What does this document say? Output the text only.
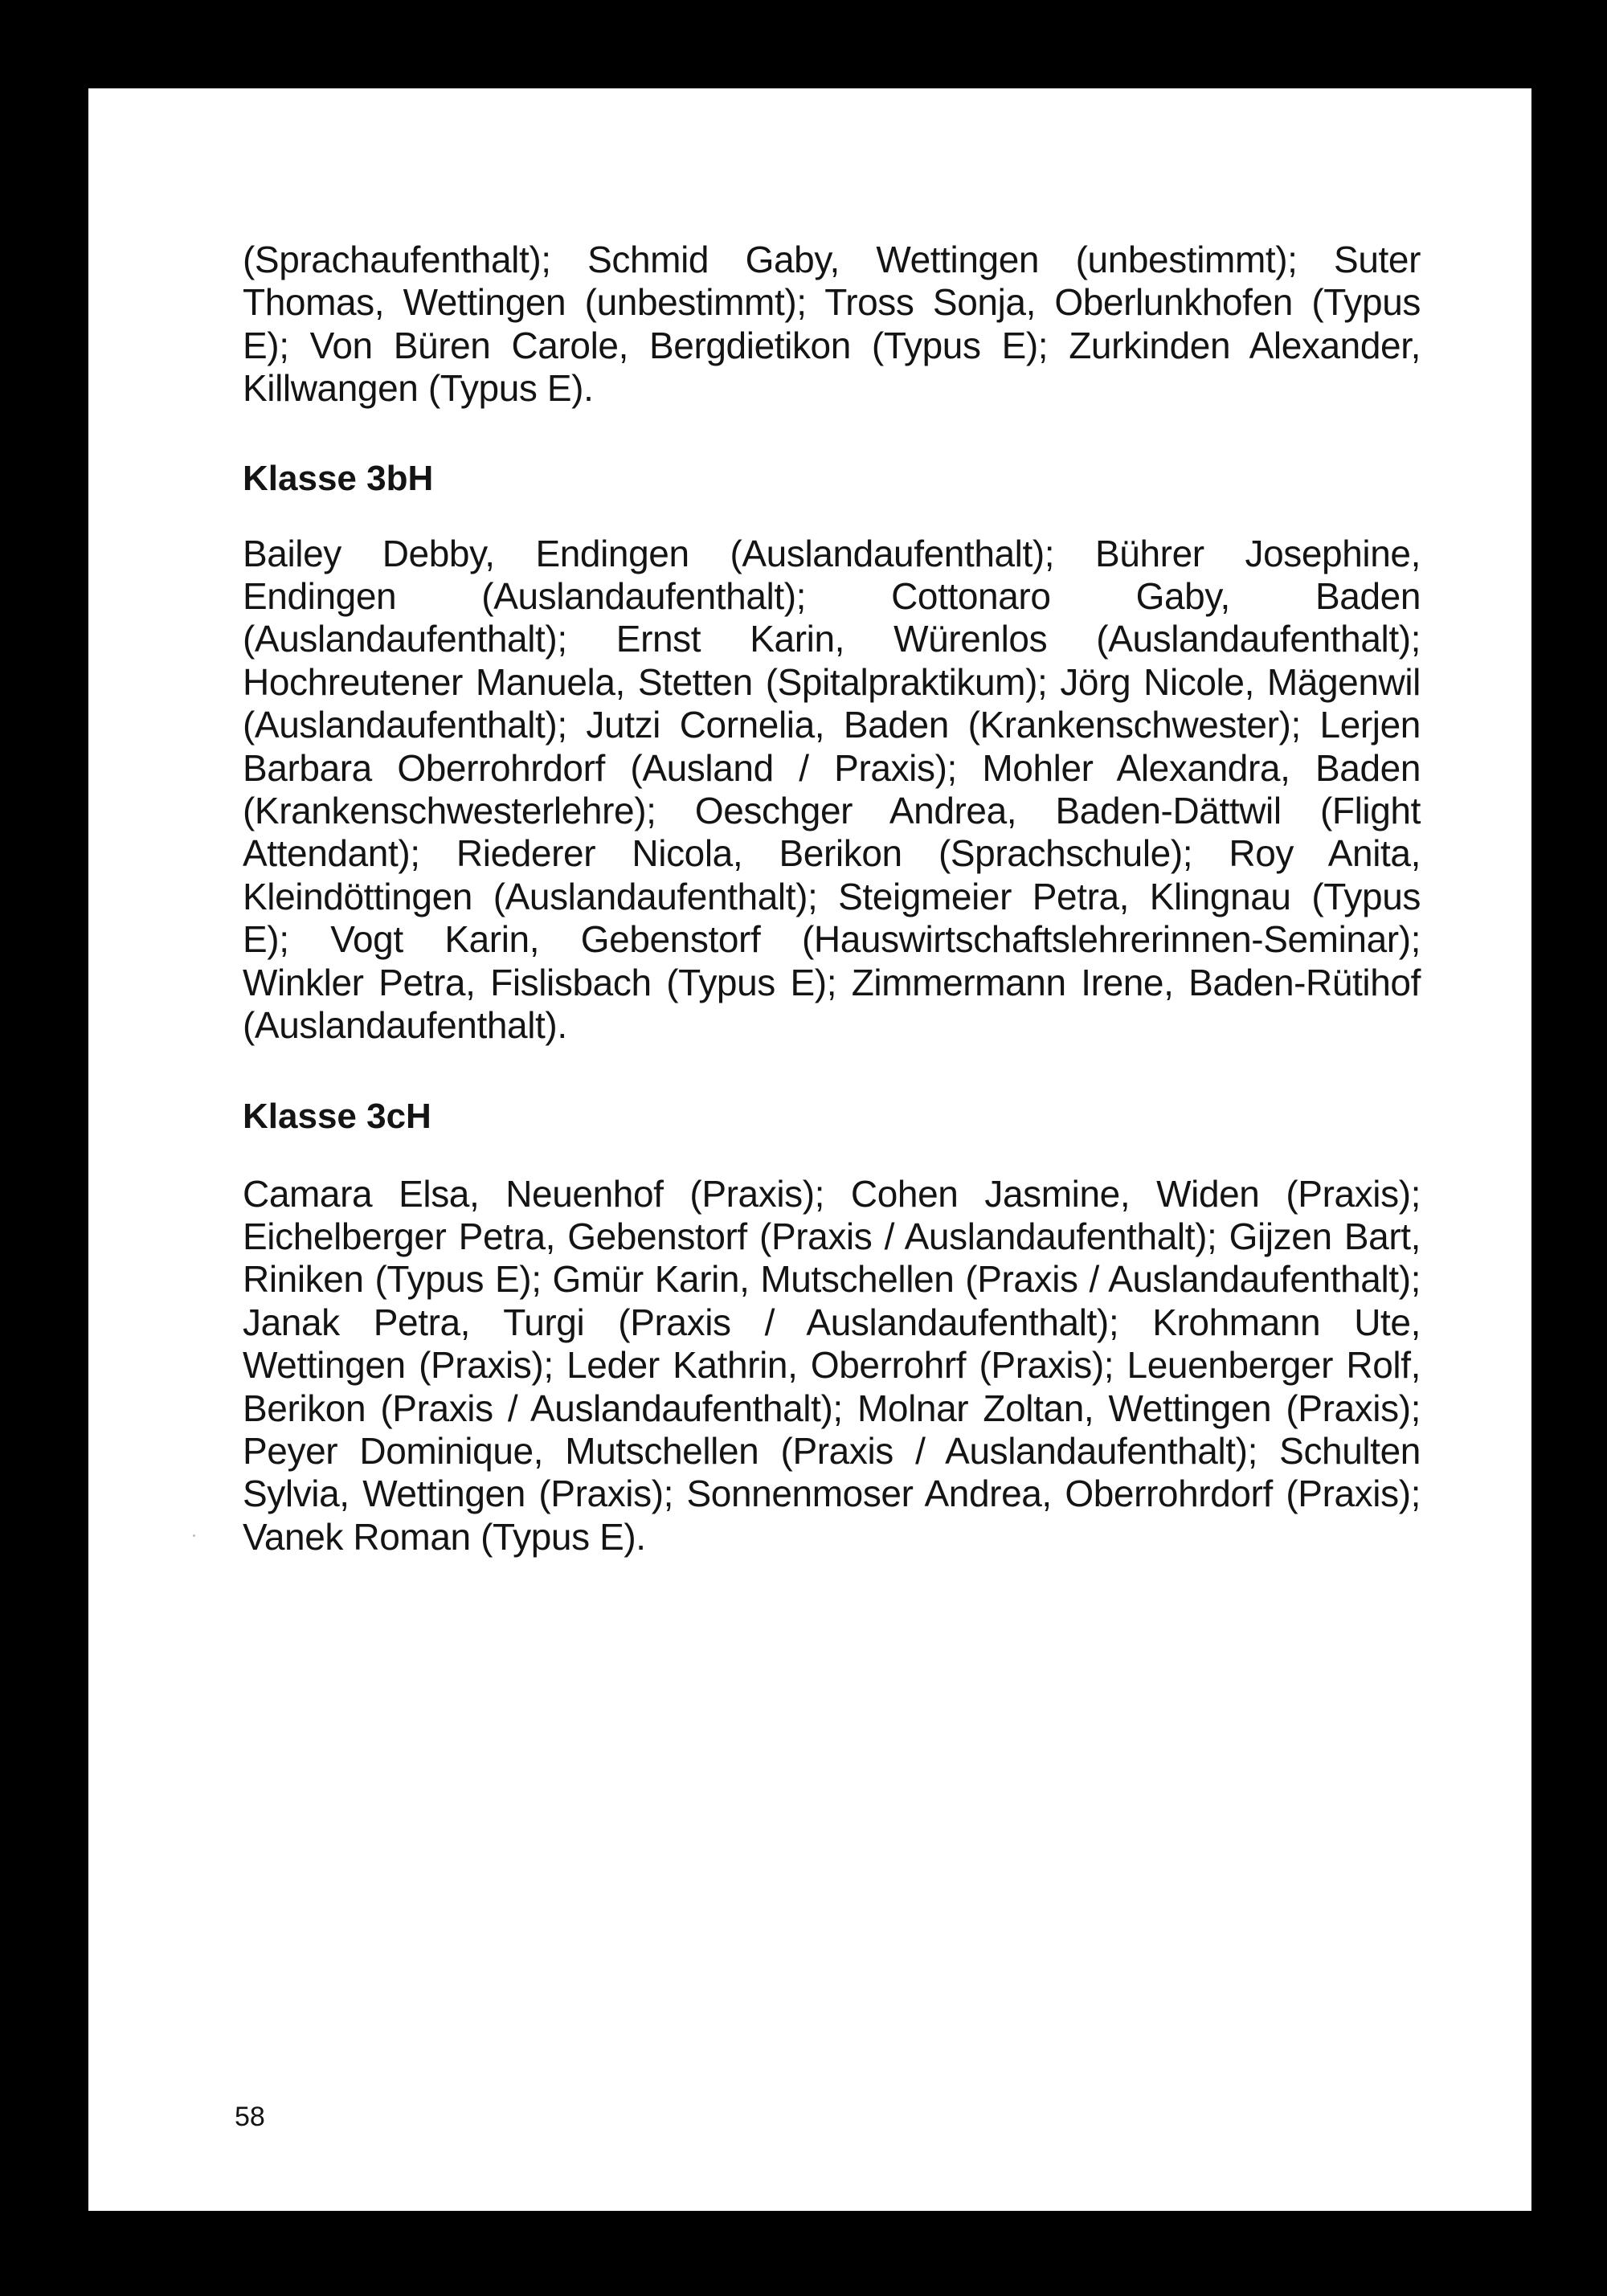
(Sprachaufenthalt); Schmid Gaby, Wettingen (unbestimmt); Suter Thomas, Wettingen (unbestimmt); Tross Sonja, Oberlunkhofen (Typus E); Von Büren Carole, Bergdietikon (Typus E); Zurkinden Alexander, Killwangen (Typus E).

Klasse 3bH

Bailey Debby, Endingen (Auslandaufenthalt); Bührer Josephine, Endingen (Auslandaufenthalt); Cottonaro Gaby, Baden (Auslandaufenthalt); Ernst Karin, Würenlos (Auslandaufenthalt); Hochreutener Manuela, Stetten (Spitalpraktikum); Jörg Nicole, Mägenwil (Auslandaufenthalt); Jutzi Cornelia, Baden (Krankenschwester); Lerjen Barbara Oberrohrdorf (Ausland / Praxis); Mohler Alexandra, Baden (Krankenschwesterlehre); Oeschger Andrea, Baden-Dättwil (Flight Attendant); Riederer Nicola, Berikon (Sprachschule); Roy Anita, Kleindöttingen (Auslandaufenthalt); Steigmeier Petra, Klingnau (Typus E); Vogt Karin, Gebenstorf (Hauswirtschaftslehrerinnen-Seminar); Winkler Petra, Fislisbach (Typus E); Zimmermann Irene, Baden-Rütihof (Auslandaufenthalt).

Klasse 3cH

Camara Elsa, Neuenhof (Praxis); Cohen Jasmine, Widen (Praxis); Eichelberger Petra, Gebenstorf (Praxis / Auslandaufenthalt); Gijzen Bart, Riniken (Typus E); Gmür Karin, Mutschellen (Praxis / Auslandaufenthalt); Janak Petra, Turgi (Praxis / Auslandaufenthalt); Krohmann Ute, Wettingen (Praxis); Leder Kathrin, Oberrohrf (Praxis); Leuenberger Rolf, Berikon (Praxis / Auslandaufenthalt); Molnar Zoltan, Wettingen (Praxis); Peyer Dominique, Mutschellen (Praxis / Auslandaufenthalt); Schulten Sylvia, Wettingen (Praxis); Sonnenmoser Andrea, Oberrohrdorf (Praxis); Vanek Roman (Typus E).

58
